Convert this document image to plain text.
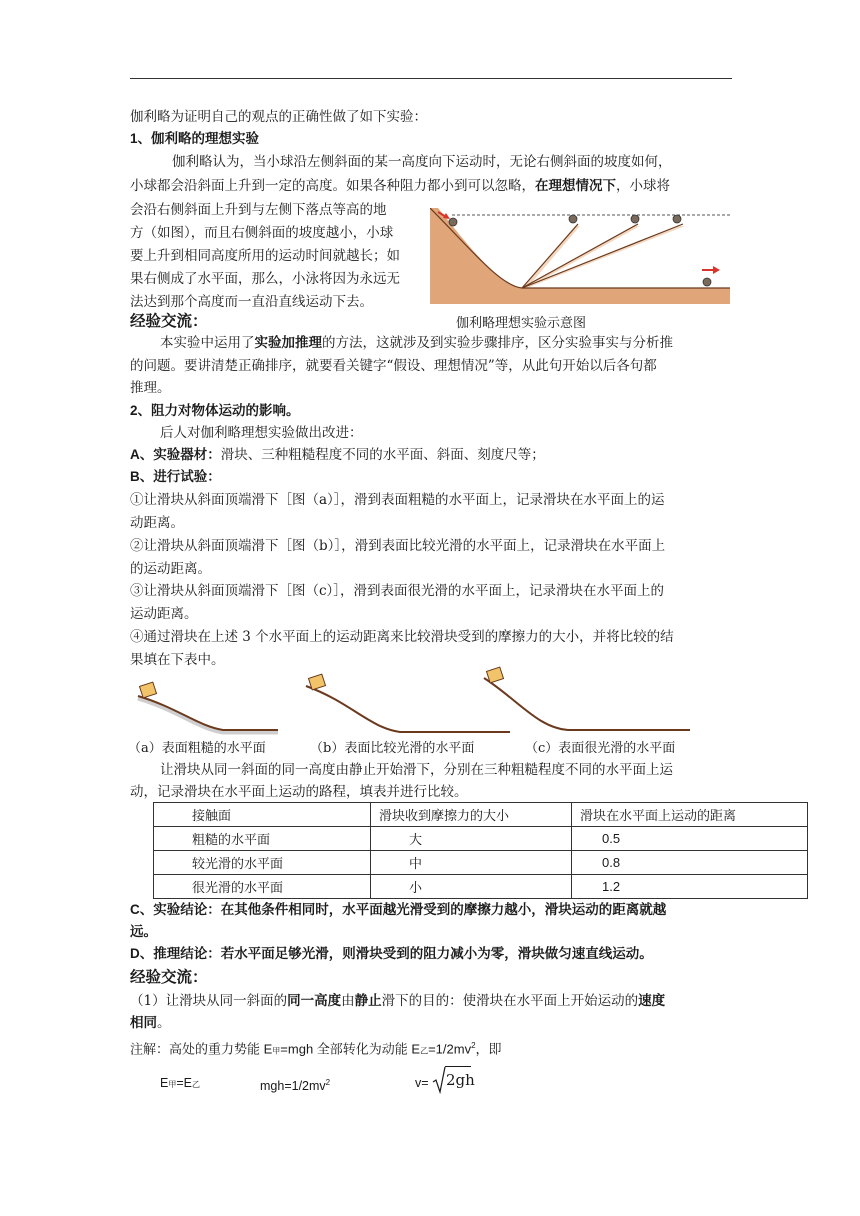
伽利略为证明自己的观点的正确性做了如下实验：
1、伽利略的理想实验
伽利略认为，当小球沿左侧斜面的某一高度向下运动时，无论右侧斜面的坡度如何，
小球都会沿斜面上升到一定的高度。如果各种阻力都小到可以忽略，在理想情况下，小球将
会沿右侧斜面上升到与左侧下落点等高的地
方（如图），而且右侧斜面的坡度越小，小球
要上升到相同高度所用的运动时间就越长；如
果右侧成了水平面，那么，小泳将因为永远无
法达到那个高度而一直沿直线运动下去。
经验交流：	伽利略理想实验示意图
本实验中运用了实验加推理的方法，这就涉及到实验步骤排序，区分实验事实与分析推
的问题。要讲清楚正确排序，就要看关键字“假设、理想情况”等，从此句开始以后各句都
推理。
2、阻力对物体运动的影响。
后人对伽利略理想实验做出改进：
A、实验器材：滑块、三种粗糙程度不同的水平面、斜面、刻度尺等；
B、进行试验：
①让滑块从斜面顶端滑下［图（a）］，滑到表面粗糙的水平面上，记录滑块在水平面上的运
动距离。
②让滑块从斜面顶端滑下［图（b）］，滑到表面比较光滑的水平面上，记录滑块在水平面上
的运动距离。
③让滑块从斜面顶端滑下［图（c）］，滑到表面很光滑的水平面上，记录滑块在水平面上的
运动距离。
④通过滑块在上述 3 个水平面上的运动距离来比较滑块受到的摩擦力的大小，并将比较的结
果填在下表中。
（a）表面粗糙的水平面	（b）表面比较光滑的水平面	（c）表面很光滑的水平面
让滑块从同一斜面的同一高度由静止开始滑下，分别在三种粗糙程度不同的水平面上运
动，记录滑块在水平面上运动的路程，填表并进行比较。
接触面	滑块收到摩擦力的大小	滑块在水平面上运动的距离
粗糙的水平面	大	0.5
较光滑的水平面	中	0.8
很光滑的水平面	小	1.2
C、实验结论：在其他条件相同时，水平面越光滑受到的摩擦力越小，滑块运动的距离就越
远。
D、推理结论：若水平面足够光滑，则滑块受到的阻力减小为零，滑块做匀速直线运动。
经验交流：
（1）让滑块从同一斜面的同一高度由静止滑下的目的：使滑块在水平面上开始运动的速度
相同。
注解：高处的重力势能 E甲=mgh 全部转化为动能 E乙$=1/2mv^2$，即
E甲=E乙	$mgh=1/2mv^2$	v= 2gh
